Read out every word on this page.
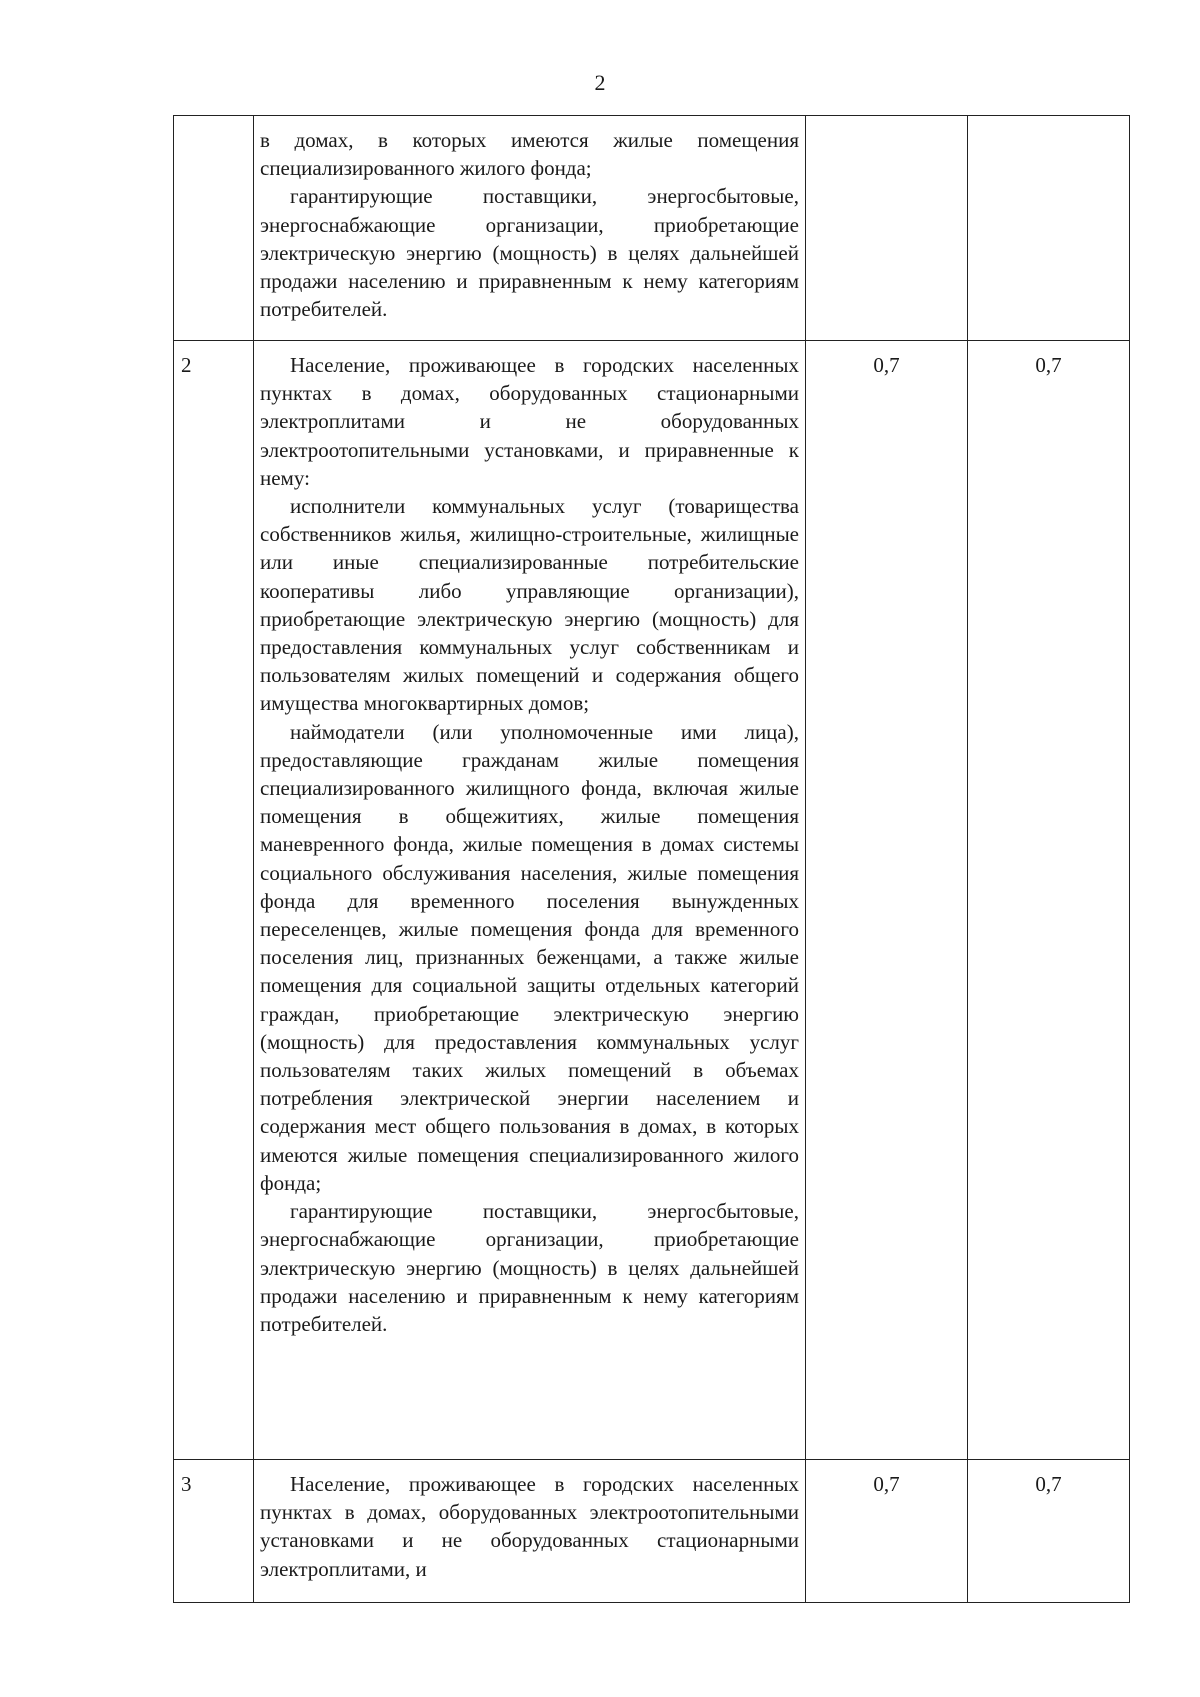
2

	в домах, в которых имеются жилые помещения специализированного жилого фонда;

гарантирующие поставщики, энергосбытовые, энергоснабжающие организации, приобретающие электрическую энергию (мощность) в целях дальнейшей продажи населению и приравненным к нему категориям потребителей.		

2	Население, проживающее в городских населенных пунктах в домах, оборудованных стационарными электроплитами и не оборудованных электроотопительными установками, и приравненные к нему:

исполнители коммунальных услуг (товарищества собственников жилья, жилищно-строительные, жилищные или иные специализированные потребительские кооперативы либо управляющие организации), приобретающие электрическую энергию (мощность) для предоставления коммунальных услуг собственникам и пользователям жилых помещений и содержания общего имущества многоквартирных домов;

наймодатели (или уполномоченные ими лица), предоставляющие гражданам жилые помещения специализированного жилищного фонда, включая жилые помещения в общежитиях, жилые помещения маневренного фонда, жилые помещения в домах системы социального обслуживания населения, жилые помещения фонда для временного поселения вынужденных переселенцев, жилые помещения фонда для временного поселения лиц, признанных беженцами, а также жилые помещения для социальной защиты отдельных категорий граждан, приобретающие электрическую энергию (мощность) для предоставления коммунальных услуг пользователям таких жилых помещений в объемах потребления электрической энергии населением и содержания мест общего пользования в домах, в которых имеются жилые помещения специализированного жилого фонда;

гарантирующие поставщики, энергосбытовые, энергоснабжающие организации, приобретающие электрическую энергию (мощность) в целях дальнейшей продажи населению и приравненным к нему категориям потребителей.	0,7	0,7
3	Население, проживающее в городских населенных пунктах в домах, оборудованных электроотопительными установками и не оборудованных стационарными электроплитами, и	0,7	0,7
